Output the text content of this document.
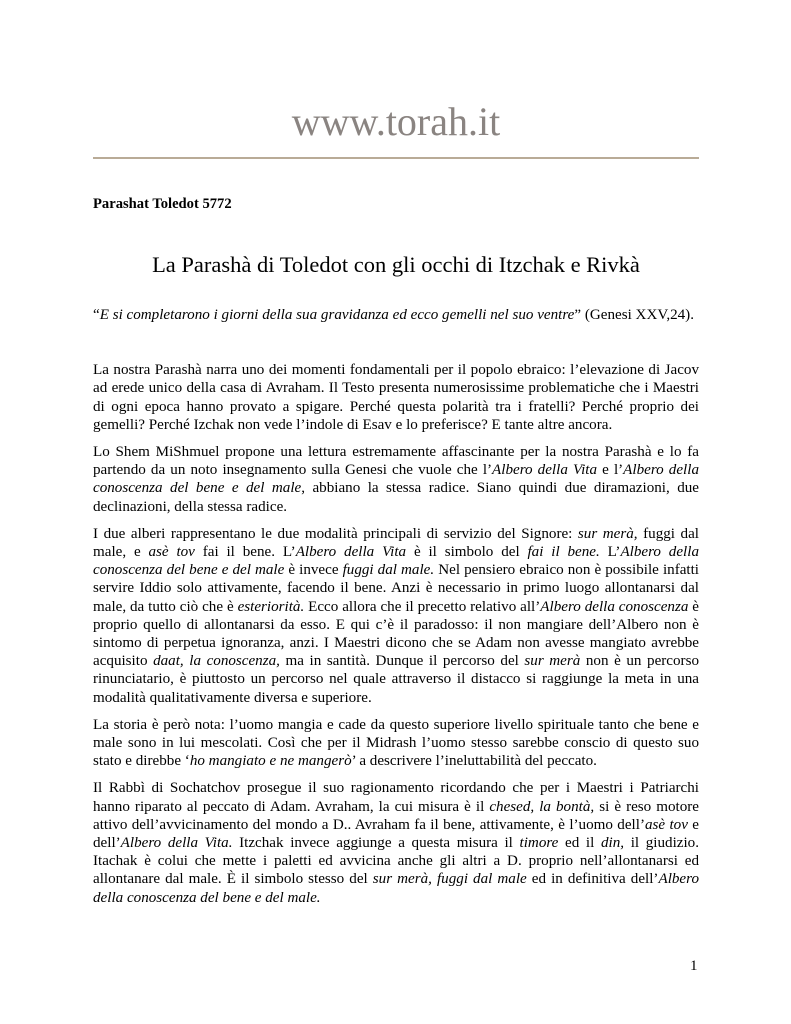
www.torah.it
Parashat Toledot 5772
La Parashà di Toledot con gli occhi di Itzchak e Rivkà

“E si completarono i giorni della sua gravidanza ed ecco gemelli nel suo ventre” (Genesi XXV,24).

La nostra Parashà narra uno dei momenti fondamentali per il popolo ebraico: l’elevazione di Jacov ad erede unico della casa di Avraham. Il Testo presenta numerosissime problematiche che i Maestri di ogni epoca hanno provato a spigare. Perché questa polarità tra i fratelli? Perché proprio dei gemelli? Perché Izchak non vede l’indole di Esav e lo preferisce? E tante altre ancora.

Lo Shem MiShmuel propone una lettura estremamente affascinante per la nostra Parashà e lo fa partendo da un noto insegnamento sulla Genesi che vuole che l’Albero della Vita e l’Albero della conoscenza del bene e del male, abbiano la stessa radice. Siano quindi due diramazioni, due declinazioni, della stessa radice.

I due alberi rappresentano le due modalità principali di servizio del Signore: sur merà, fuggi dal male, e asè tov fai il bene. L’Albero della Vita è il simbolo del fai il bene. L’Albero della conoscenza del bene e del male è invece fuggi dal male. Nel pensiero ebraico non è possibile infatti servire Iddio solo attivamente, facendo il bene. Anzi è necessario in primo luogo allontanarsi dal male, da tutto ciò che è esteriorità. Ecco allora che il precetto relativo all’Albero della conoscenza è proprio quello di allontanarsi da esso. E qui c’è il paradosso: il non mangiare dell’Albero non è sintomo di perpetua ignoranza, anzi. I Maestri dicono che se Adam non avesse mangiato avrebbe acquisito daat, la conoscenza, ma in santità. Dunque il percorso del sur merà non è un percorso rinunciatario, è piuttosto un percorso nel quale attraverso il distacco si raggiunge la meta in una modalità qualitativamente diversa e superiore.

La storia è però nota: l’uomo mangia e cade da questo superiore livello spirituale tanto che bene e male sono in lui mescolati. Così che per il Midrash l’uomo stesso sarebbe conscio di questo suo stato e direbbe ‘ho mangiato e ne mangerò’ a descrivere l’ineluttabilità del peccato.

Il Rabbì di Sochatchov prosegue il suo ragionamento ricordando che per i Maestri i Patriarchi hanno riparato al peccato di Adam. Avraham, la cui misura è il chesed, la bontà, si è reso motore attivo dell’avvicinamento del mondo a D.. Avraham fa il bene, attivamente, è l’uomo dell’asè tov e dell’Albero della Vita. Itzchak invece aggiunge a questa misura il timore ed il din, il giudizio. Itachak è colui che mette i paletti ed avvicina anche gli altri a D. proprio nell’allontanarsi ed allontanare dal male. È il simbolo stesso del sur merà, fuggi dal male ed in definitiva dell’Albero della conoscenza del bene e del male.

1
